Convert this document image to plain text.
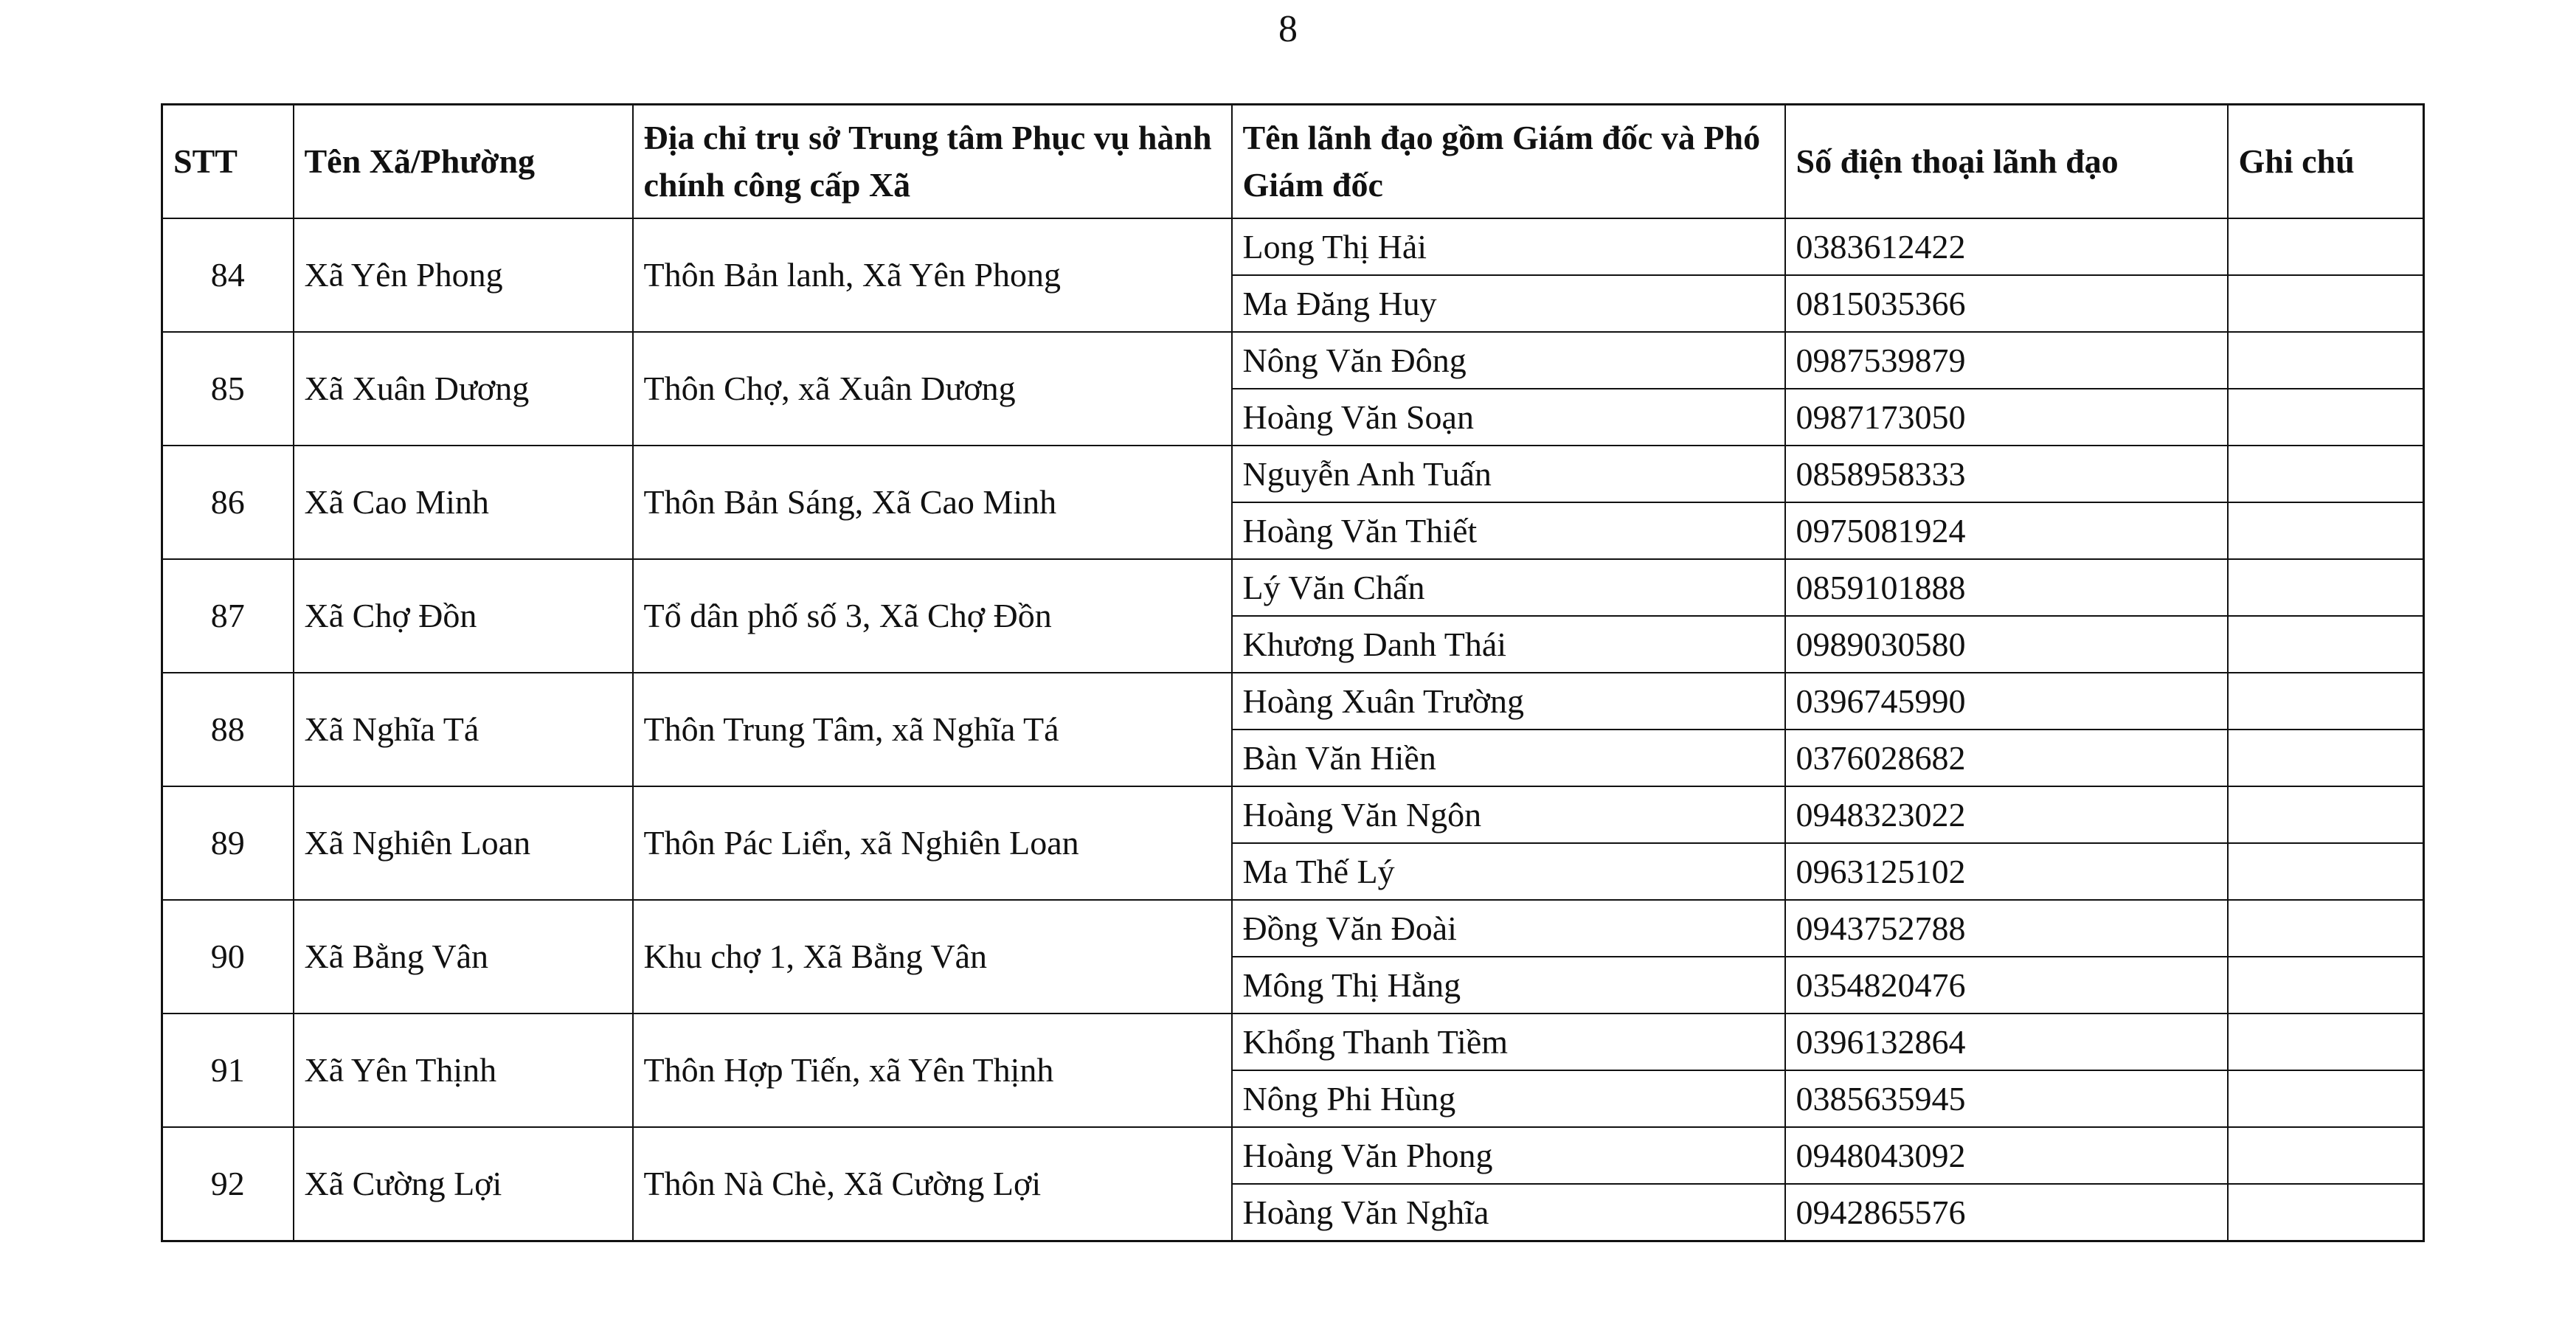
8
STT	Tên Xã/Phường	Địa chỉ trụ sở Trung tâm Phục vụ hành chính công cấp Xã	Tên lãnh đạo gồm Giám đốc và Phó Giám đốc	Số điện thoại lãnh đạo	Ghi chú
84	Xã Yên Phong	Thôn Bản lanh, Xã Yên Phong	Long Thị Hải	0383612422	
			Ma Đăng Huy	0815035366	
85	Xã Xuân Dương	Thôn Chợ, xã Xuân Dương	Nông Văn Đông	0987539879	
			Hoàng Văn Soạn	0987173050	
86	Xã Cao Minh	Thôn Bản Sáng, Xã Cao Minh	Nguyễn Anh Tuấn	0858958333	
			Hoàng Văn Thiết	0975081924	
87	Xã Chợ Đồn	Tổ dân phố số 3, Xã Chợ Đồn	Lý Văn Chấn	0859101888	
			Khương Danh Thái	0989030580	
88	Xã Nghĩa Tá	Thôn Trung Tâm, xã Nghĩa Tá	Hoàng Xuân Trường	0396745990	
			Bàn Văn Hiền	0376028682	
89	Xã Nghiên Loan	Thôn Pác Liển, xã Nghiên Loan	Hoàng Văn Ngôn	0948323022	
			Ma Thế Lý	0963125102	
90	Xã Bằng Vân	Khu chợ 1, Xã Bằng Vân	Đồng Văn Đoài	0943752788	
			Mông Thị Hằng	0354820476	
91	Xã Yên Thịnh	Thôn Hợp Tiến, xã Yên Thịnh	Khổng Thanh Tiềm	0396132864	
			Nông Phi Hùng	0385635945	
92	Xã Cường Lợi	Thôn Nà Chè, Xã Cường Lợi	Hoàng Văn Phong	0948043092	
			Hoàng Văn Nghĩa	0942865576	
